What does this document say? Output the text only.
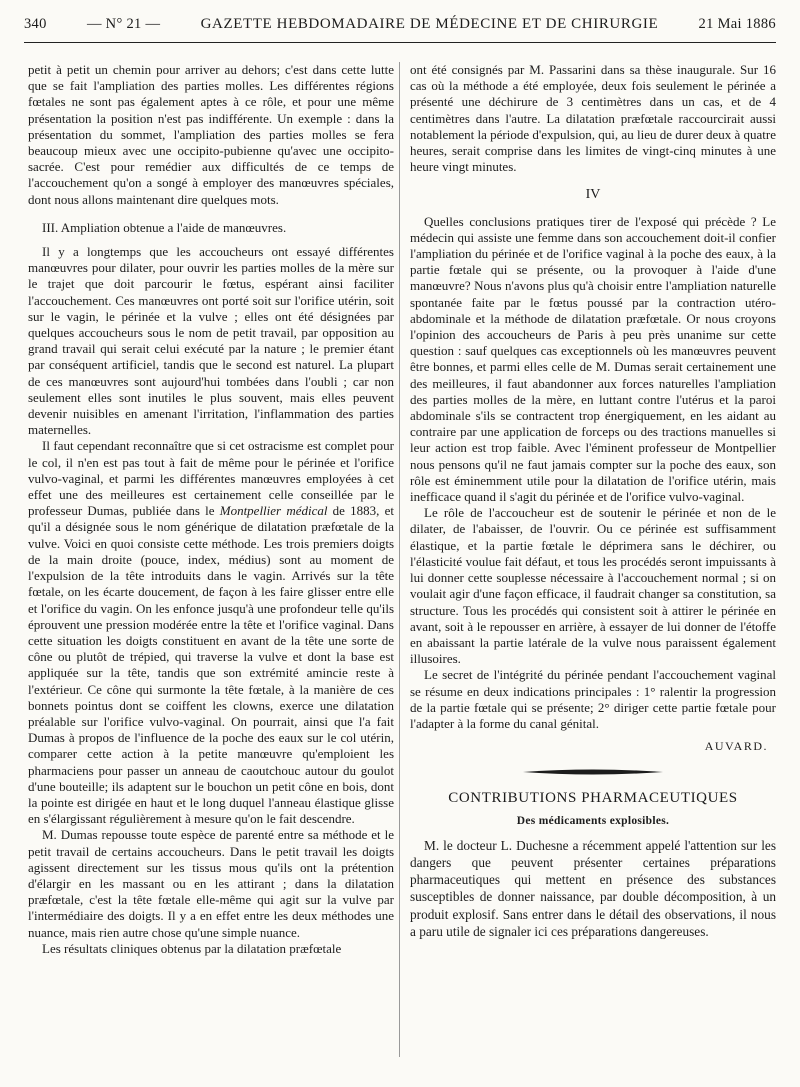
340	— N° 21 —	GAZETTE HEBDOMADAIRE DE MÉDECINE ET DE CHIRURGIE	21 Mai 1886

petit à petit un chemin pour arriver au dehors; c'est dans cette lutte que se fait l'ampliation des parties molles. Les différentes régions fœtales ne sont pas également aptes à ce rôle, et pour une même présentation la position n'est pas indifférente. Un exemple : dans la présentation du sommet, l'ampliation des parties molles se fera beaucoup mieux avec une occipito-pubienne qu'avec une occipito-sacrée. C'est pour remédier aux difficultés de ce temps de l'accouchement qu'on a songé à employer des manœuvres spéciales, dont nous allons maintenant dire quelques mots.

III. Ampliation obtenue a l'aide de manœuvres.

Il y a longtemps que les accoucheurs ont essayé différentes manœuvres pour dilater, pour ouvrir les parties molles de la mère sur le trajet que doit parcourir le fœtus, espérant ainsi faciliter l'accouchement. Ces manœuvres ont porté soit sur l'orifice utérin, soit sur le vagin, le périnée et la vulve ; elles ont été désignées par quelques accoucheurs sous le nom de petit travail, par opposition au grand travail qui serait celui exécuté par la nature ; le premier étant par conséquent artificiel, tandis que le second est naturel. La plupart de ces manœuvres sont aujourd'hui tombées dans l'oubli ; car non seulement elles sont inutiles le plus souvent, mais elles peuvent devenir nuisibles en amenant l'irritation, l'inflammation des parties maternelles.

Il faut cependant reconnaître que si cet ostracisme est complet pour le col, il n'en est pas tout à fait de même pour le périnée et l'orifice vulvo-vaginal, et parmi les différentes manœuvres employées à cet effet une des meilleures est certainement celle conseillée par le professeur Dumas, publiée dans le Montpellier médical de 1883, et qu'il a désignée sous le nom générique de dilatation præfœtale de la vulve. Voici en quoi consiste cette méthode. Les trois premiers doigts de la main droite (pouce, index, médius) sont au moment de l'expulsion de la tête introduits dans le vagin. Arrivés sur la tête fœtale, on les écarte doucement, de façon à les faire glisser entre elle et l'orifice du vagin. On les enfonce jusqu'à une profondeur telle qu'ils éprouvent une pression modérée entre la tête et l'orifice vaginal. Dans cette situation les doigts constituent en avant de la tête une sorte de cône ou plutôt de trépied, qui traverse la vulve et dont la base est appliquée sur la tête, tandis que son extrémité amincie reste à l'extérieur. Ce cône qui surmonte la tête fœtale, à la manière de ces bonnets pointus dont se coiffent les clowns, exerce une dilatation préalable sur l'orifice vulvo-vaginal. On pourrait, ainsi que l'a fait Dumas à propos de l'influence de la poche des eaux sur le col utérin, comparer cette action à la petite manœuvre qu'emploient les pharmaciens pour passer un anneau de caoutchouc autour du goulot d'une bouteille; ils adaptent sur le bouchon un petit cône en bois, dont la pointe est dirigée en haut et le long duquel l'anneau élastique glisse en s'élargissant régulièrement à mesure qu'on le fait descendre.

M. Dumas repousse toute espèce de parenté entre sa méthode et le petit travail de certains accoucheurs. Dans le petit travail les doigts agissent directement sur les tissus mous qu'ils ont la prétention d'élargir en les massant ou en les attirant ; dans la dilatation præfœtale, c'est la tête fœtale elle-même qui agit sur la vulve par l'intermédiaire des doigts. Il y a en effet entre les deux méthodes une nuance, mais rien autre chose qu'une simple nuance.

Les résultats cliniques obtenus par la dilatation præfœtale

ont été consignés par M. Passarini dans sa thèse inaugurale. Sur 16 cas où la méthode a été employée, deux fois seulement le périnée a présenté une déchirure de 3 centimètres dans un cas, et de 4 centimètres dans l'autre. La dilatation præfœtale raccourcirait aussi notablement la période d'expulsion, qui, au lieu de durer deux à quatre heures, serait comprise dans les limites de vingt-cinq minutes à une heure vingt minutes.

IV

Quelles conclusions pratiques tirer de l'exposé qui précède ? Le médecin qui assiste une femme dans son accouchement doit-il confier l'ampliation du périnée et de l'orifice vaginal à la poche des eaux, à la partie fœtale qui se présente, ou la provoquer à l'aide d'une manœuvre? Nous n'avons plus qu'à choisir entre l'ampliation naturelle spontanée faite par le fœtus poussé par la contraction utéro-abdominale et la méthode de dilatation præfœtale. Or nous croyons l'opinion des accoucheurs de Paris à peu près unanime sur cette question : sauf quelques cas exceptionnels où les manœuvres peuvent être bonnes, et parmi elles celle de M. Dumas serait certainement une des meilleures, il faut abandonner aux forces naturelles l'ampliation des parties molles de la mère, en luttant contre l'utérus et la paroi abdominale s'ils se contractent trop énergiquement, en les aidant au contraire par une application de forceps ou des tractions manuelles si leur action est trop faible. Avec l'éminent professeur de Montpellier nous pensons qu'il ne faut jamais compter sur la poche des eaux, son rôle est éminemment utile pour la dilatation de l'orifice utérin, mais inefficace quand il s'agit du périnée et de l'orifice vulvo-vaginal.

Le rôle de l'accoucheur est de soutenir le périnée et non de le dilater, de l'abaisser, de l'ouvrir. Ou ce périnée est suffisamment élastique, et la partie fœtale le déprimera sans le déchirer, ou l'élasticité voulue fait défaut, et tous les procédés seront impuissants à lui donner cette souplesse nécessaire à l'accouchement normal ; si on voulait agir d'une façon efficace, il faudrait changer sa constitution, sa structure. Tous les procédés qui consistent soit à attirer le périnée en avant, soit à le repousser en arrière, à essayer de lui donner de l'étoffe en abaissant la partie latérale de la vulve nous paraissent également illusoires.

Le secret de l'intégrité du périnée pendant l'accouchement vaginal se résume en deux indications principales : 1° ralentir la progression de la partie fœtale qui se présente; 2° diriger cette partie fœtale pour l'adapter à la forme du canal génital.

AUVARD.
CONTRIBUTIONS PHARMACEUTIQUES
Des médicaments explosibles.

M. le docteur L. Duchesne a récemment appelé l'attention sur les dangers que peuvent présenter certaines préparations pharmaceutiques qui mettent en présence des substances susceptibles de donner naissance, par double décomposition, à un produit explosif. Sans entrer dans le détail des observations, il nous a paru utile de signaler ici ces préparations dangereuses.
